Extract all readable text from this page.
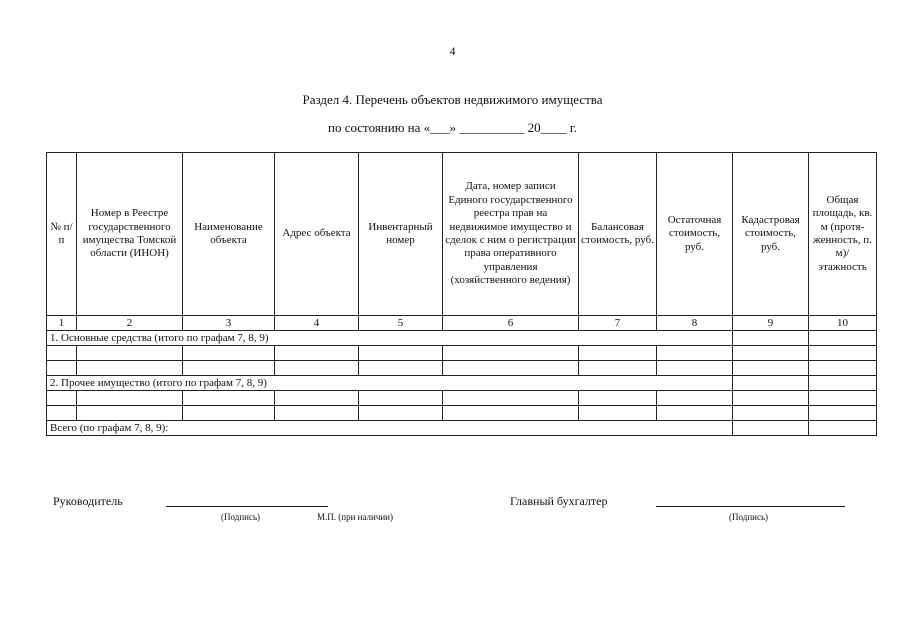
4
Раздел 4. Перечень объектов недвижимого имущества
по состоянию на «___» __________ 20____ г.
№ п/п	Номер в Реестре государственного имущества Томской области (ИНОН)	Наименование объекта	Адрес объекта	Инвентарный номер	Дата, номер записи Единого государственного реестра прав на недвижимое имущество и сделок с ним о регистрации права оперативного управления (хозяйственного ведения)	Балансовая стоимость, руб.	Остаточная стоимость, руб.	Кадастровая стоимость, руб.	Общая площадь, кв. м (протя-женность, п. м)/ этажность
1	2	3	4	5	6	7	8	9	10
1. Основные средства (итого по графам 7, 8, 9)									

2. Прочее имущество (итого по графам 7, 8, 9)									

Всего (по графам 7, 8, 9):									
Руководитель
(Подпись)	М.П. (при наличии)
Главный бухгалтер
(Подпись)
